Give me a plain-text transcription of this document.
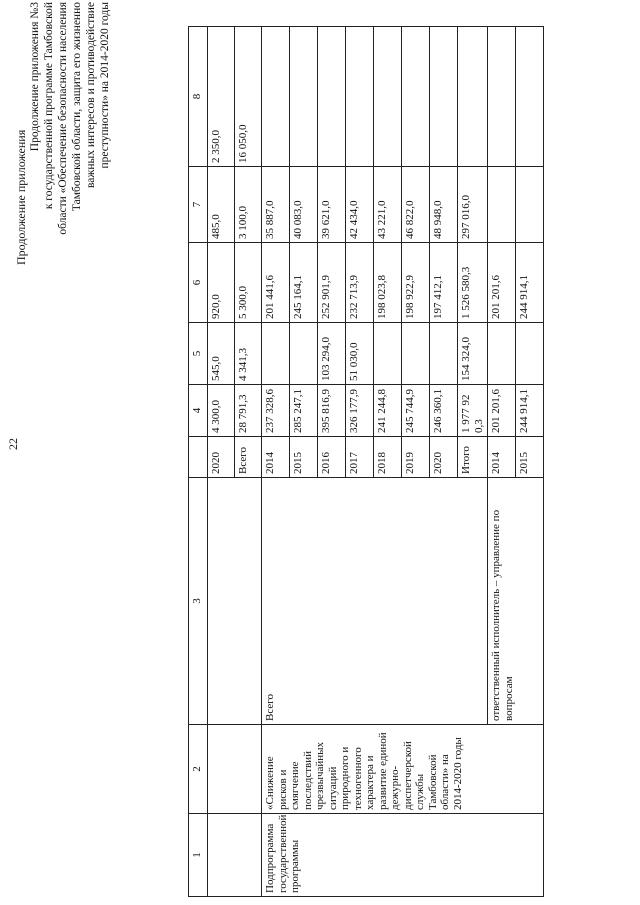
22
Продолжение приложения
Продолжение приложения №3 к государственной программе Тамбовской области «Обеспечение безопасности населения Тамбовской области, защита его жизненно важных интересов и противодействие преступности» на 2014-2020 годы
1	2	3		4	5	6	7	8
			2020	4 300,0	545,0	920,0	485,0	2 350,0
			Всего	28 791,3	4 341,3	5 300,0	3 100,0	16 050,0
Подпрограмма государственной программы	«Снижение рисков и смягчение последствий чрезвычайных ситуаций природного и техногенного характера и развитие единой дежурно-диспетчерской службы Тамбовской области» на 2014-2020 годы	Всего	2014	237 328,6		201 441,6	35 887,0	
			2015	285 247,1		245 164,1	40 083,0	
			2016	395 816,9	103 294,0	252 901,9	39 621,0	
			2017	326 177,9	51 030,0	232 713,9	42 434,0	
			2018	241 244,8		198 023,8	43 221,0	
			2019	245 744,9		198 922,9	46 822,0	
			2020	246 360,1		197 412,1	48 948,0	
			Итого	1 977 920,3	154 324,0	1 526 580,3	297 016,0	
		ответственный исполнитель – управление по вопросам	2014	201 201,6		201 201,6		
			2015	244 914,1		244 914,1		
